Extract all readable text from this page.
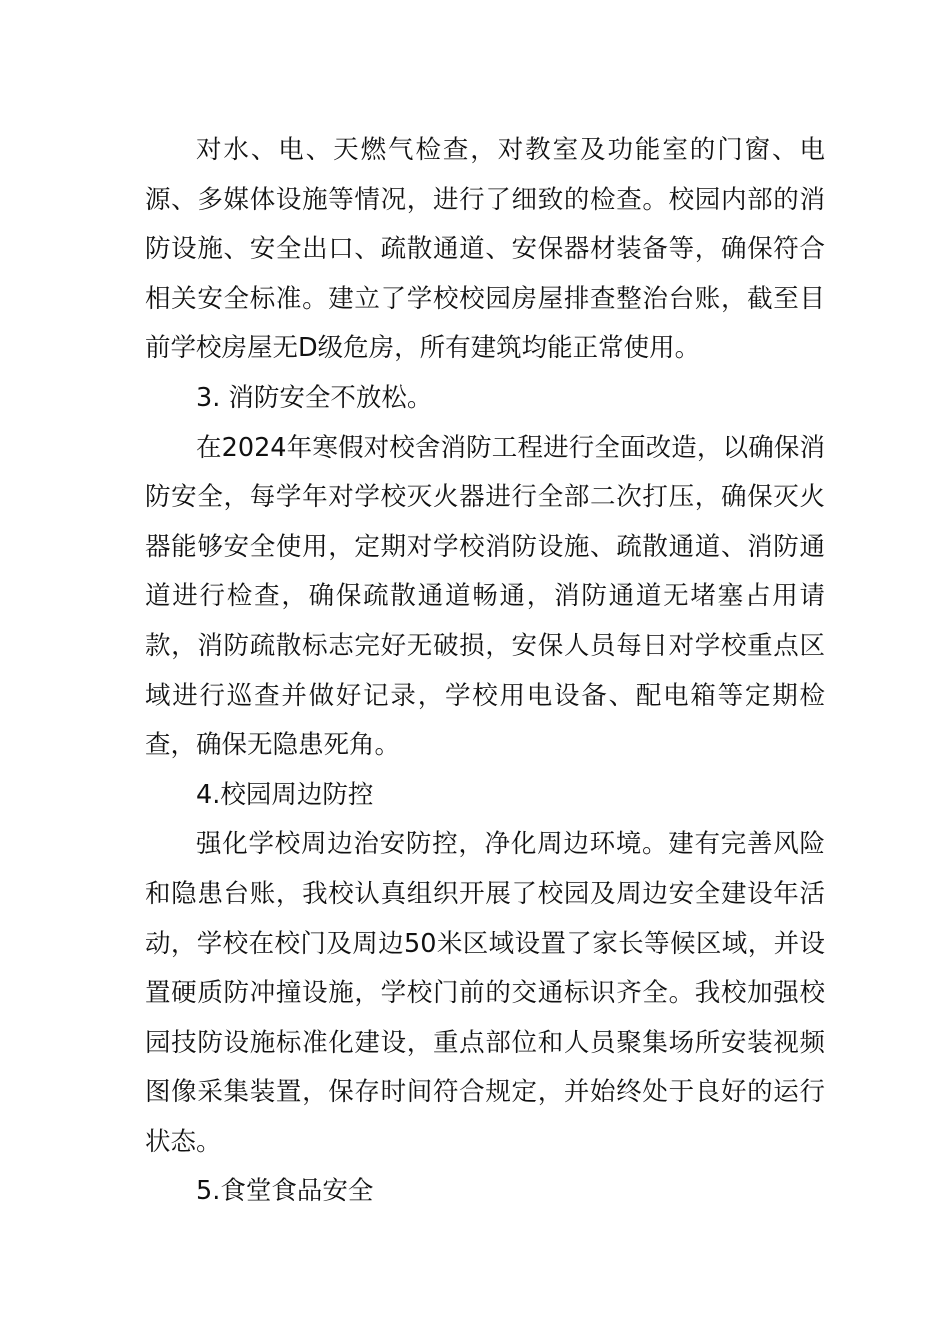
对水、电、天燃气检查，对教室及功能室的门窗、电源、多媒体设施等情况，进行了细致的检查。校园内部的消防设施、安全出口、疏散通道、安保器材装备等，确保符合相关安全标准。建立了学校校园房屋排查整治台账，截至目前学校房屋无D级危房，所有建筑均能正常使用。

3. 消防安全不放松。

在2024年寒假对校舍消防工程进行全面改造，以确保消防安全，每学年对学校灭火器进行全部二次打压，确保灭火器能够安全使用，定期对学校消防设施、疏散通道、消防通道进行检查，确保疏散通道畅通，消防通道无堵塞占用请款，消防疏散标志完好无破损，安保人员每日对学校重点区域进行巡查并做好记录，学校用电设备、配电箱等定期检查，确保无隐患死角。

4.校园周边防控

强化学校周边治安防控，净化周边环境。建有完善风险和隐患台账，我校认真组织开展了校园及周边安全建设年活动，学校在校门及周边50米区域设置了家长等候区域，并设置硬质防冲撞设施，学校门前的交通标识齐全。我校加强校园技防设施标准化建设，重点部位和人员聚集场所安装视频图像采集装置，保存时间符合规定，并始终处于良好的运行状态。

5.食堂食品安全
